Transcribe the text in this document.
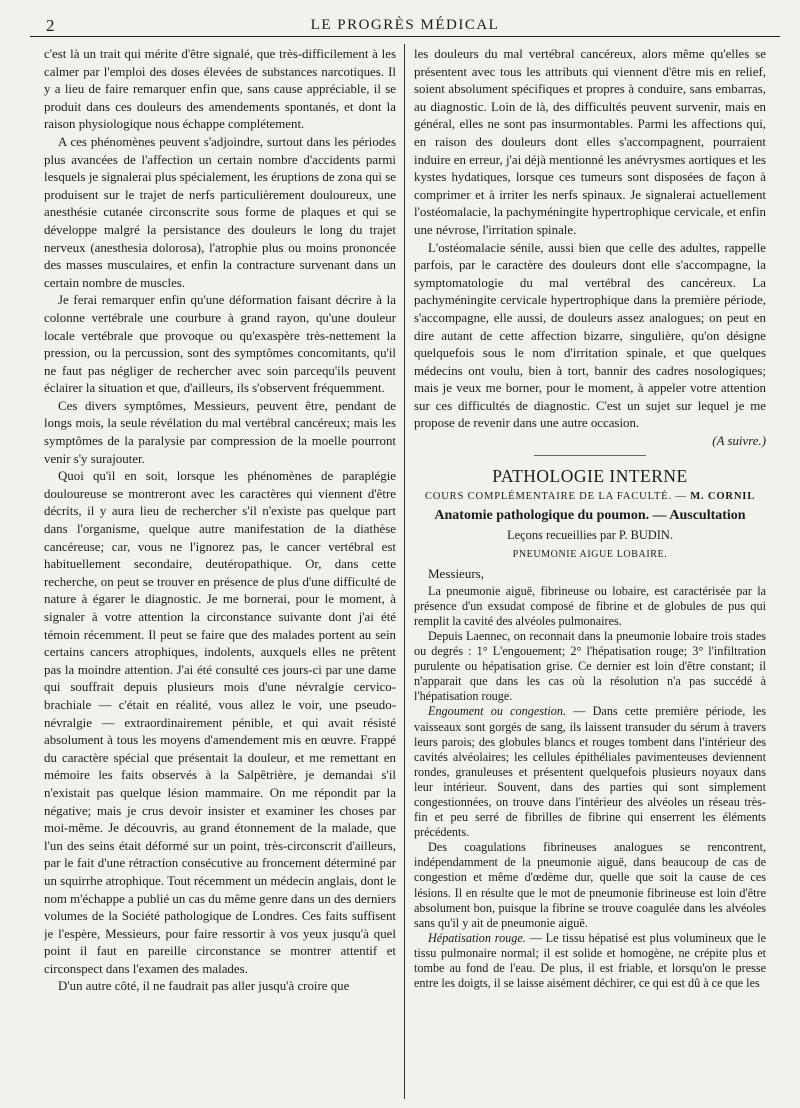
2	LE PROGRÈS MÉDICAL

c'est là un trait qui mérite d'être signalé, que très-difficilement à les calmer par l'emploi des doses élevées de substances narcotiques. Il y a lieu de faire remarquer enfin que, sans cause appréciable, il se produit dans ces douleurs des amendements spontanés, et dont la raison physiologique nous échappe complétement.

A ces phénomènes peuvent s'adjoindre, surtout dans les périodes plus avancées de l'affection un certain nombre d'accidents parmi lesquels je signalerai plus spécialement, les éruptions de zona qui se produisent sur le trajet de nerfs particulièrement douloureux, une anesthésie cutanée circonscrite sous forme de plaques et qui se développe malgré la persistance des douleurs le long du trajet nerveux (anesthesia dolorosa), l'atrophie plus ou moins prononcée des masses musculaires, et enfin la contracture survenant dans un certain nombre de muscles.

Je ferai remarquer enfin qu'une déformation faisant décrire à la colonne vertébrale une courbure à grand rayon, qu'une douleur locale vertébrale que provoque ou qu'exaspère très-nettement la pression, ou la percussion, sont des symptômes concomitants, qu'il ne faut pas négliger de rechercher avec soin parcequ'ils peuvent éclairer la situation et que, d'ailleurs, ils s'observent fréquemment.

Ces divers symptômes, Messieurs, peuvent être, pendant de longs mois, la seule révélation du mal vertébral cancéreux; mais les symptômes de la paralysie par compression de la moelle pourront venir s'y surajouter.

Quoi qu'il en soit, lorsque les phénomènes de paraplégie douloureuse se montreront avec les caractères qui viennent d'être décrits, il y aura lieu de rechercher s'il n'existe pas quelque part dans l'organisme, quelque autre manifestation de la diathèse cancéreuse; car, vous ne l'ignorez pas, le cancer vertébral est habituellement secondaire, deutéropathique. Or, dans cette recherche, on peut se trouver en présence de plus d'une difficulté de nature à égarer le diagnostic. Je me bornerai, pour le moment, à signaler à votre attention la circonstance suivante dont j'ai été témoin récemment. Il peut se faire que des malades portent au sein certains cancers atrophiques, indolents, auxquels elles ne prêtent pas la moindre attention. J'ai été consulté ces jours-ci par une dame qui souffrait depuis plusieurs mois d'une névralgie cervico-brachiale — c'était en réalité, vous allez le voir, une pseudo-névralgie — extraordinairement pénible, et qui avait résisté absolument à tous les moyens d'amendement mis en œuvre. Frappé du caractère spécial que présentait la douleur, et me remettant en mémoire les faits observés à la Salpêtrière, je demandai s'il n'existait pas quelque lésion mammaire. On me répondit par la négative; mais je crus devoir insister et examiner les choses par moi-même. Je découvris, au grand étonnement de la malade, que l'un des seins était déformé sur un point, très-circonscrit d'ailleurs, par le fait d'une rétraction consécutive au froncement déterminé par un squirrhe atrophique. Tout récemment un médecin anglais, dont le nom m'échappe a publié un cas du même genre dans un des derniers volumes de la Société pathologique de Londres. Ces faits suffisent je l'espère, Messieurs, pour faire ressortir à vos yeux jusqu'à quel point il faut en pareille circonstance se montrer attentif et circonspect dans l'examen des malades.

D'un autre côté, il ne faudrait pas aller jusqu'à croire que

les douleurs du mal vertébral cancéreux, alors même qu'elles se présentent avec tous les attributs qui viennent d'être mis en relief, soient absolument spécifiques et propres à conduire, sans embarras, au diagnostic. Loin de là, des difficultés peuvent survenir, mais en général, elles ne sont pas insurmontables. Parmi les affections qui, en raison des douleurs dont elles s'accompagnent, pourraient induire en erreur, j'ai déjà mentionné les anévrysmes aortiques et les kystes hydatiques, lorsque ces tumeurs sont disposées de façon à comprimer et à irriter les nerfs spinaux. Je signalerai actuellement l'ostéomalacie, la pachyméningite hypertrophique cervicale, et enfin une névrose, l'irritation spinale.

L'ostéomalacie sénile, aussi bien que celle des adultes, rappelle parfois, par le caractère des douleurs dont elle s'accompagne, la symptomatologie du mal vertébral des cancéreux. La pachyméningite cervicale hypertrophique dans la première période, s'accompagne, elle aussi, de douleurs assez analogues; on peut en dire autant de cette affection bizarre, singulière, qu'on désigne quelquefois sous le nom d'irritation spinale, et que quelques médecins ont voulu, bien à tort, bannir des cadres nosologiques; mais je veux me borner, pour le moment, à appeler votre attention sur ces difficultés de diagnostic. C'est un sujet sur lequel je me propose de revenir dans une autre occasion.

(A suivre.)

PATHOLOGIE INTERNE
COURS COMPLÉMENTAIRE DE LA FACULTÉ. — M. CORNIL
Anatomie pathologique du poumon. — Auscultation
Leçons recueillies par P. BUDIN.
PNEUMONIE AIGUE LOBAIRE.
Messieurs,

La pneumonie aiguë, fibrineuse ou lobaire, est caractérisée par la présence d'un exsudat composé de fibrine et de globules de pus qui remplit la cavité des alvéoles pulmonaires.

Depuis Laennec, on reconnait dans la pneumonie lobaire trois stades ou degrés : 1° L'engouement; 2° l'hépatisation rouge; 3° l'infiltration purulente ou hépatisation grise. Ce dernier est loin d'être constant; il n'apparait que dans les cas où la résolution n'a pas succédé à l'hépatisation rouge.

Engoument ou congestion. — Dans cette première période, les vaisseaux sont gorgés de sang, ils laissent transuder du sérum à travers leurs parois; des globules blancs et rouges tombent dans l'intérieur des cavités alvéolaires; les cellules épithéliales pavimenteuses deviennent rondes, granuleuses et présentent quelquefois plusieurs noyaux dans leur intérieur. Souvent, dans des parties qui sont simplement congestionnées, on trouve dans l'intérieur des alvéoles un réseau très-fin et peu serré de fibrilles de fibrine qui enserrent les éléments précédents.

Des coagulations fibrineuses analogues se rencontrent, indépendamment de la pneumonie aiguë, dans beaucoup de cas de congestion et même d'œdème dur, quelle que soit la cause de ces lésions. Il en résulte que le mot de pneumonie fibrineuse est loin d'être absolument bon, puisque la fibrine se trouve coagulée dans les alvéoles sans qu'il y ait de pneumonie aiguë.

Hépatisation rouge. — Le tissu hépatisé est plus volumineux que le tissu pulmonaire normal; il est solide et homogène, ne crépite plus et tombe au fond de l'eau. De plus, il est friable, et lorsqu'on le presse entre les doigts, il se laisse aisément déchirer, ce qui est dû à ce que les
